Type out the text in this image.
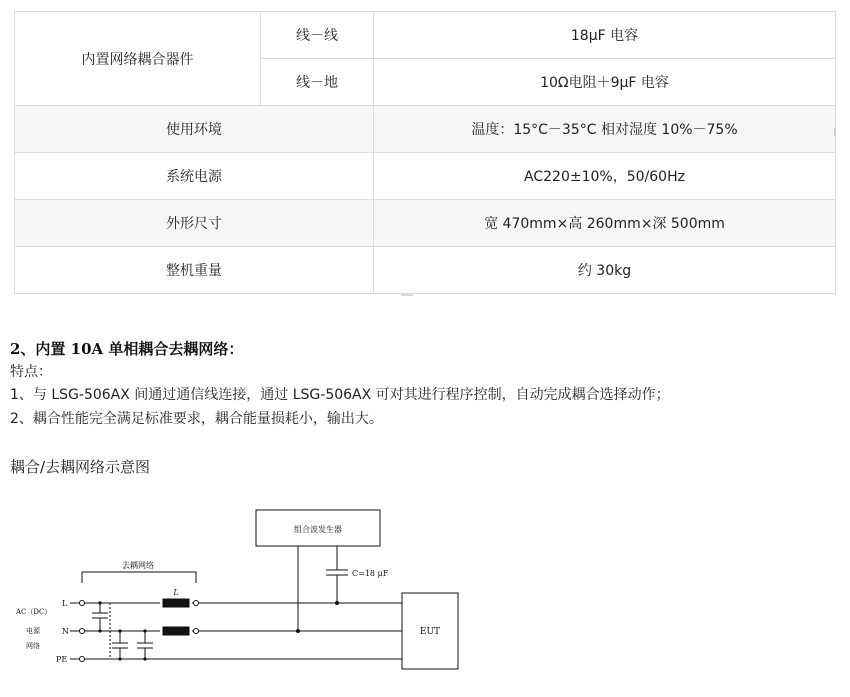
内置网络耦合器件	线－线	18μF 电容
	线－地	10Ω电阻＋9μF 电容
使用环境		温度：15°C－35°C 相对湿度 10%－75%
系统电源		AC220±10%，50/60Hz
外形尺寸		宽 470mm×高 260mm×深 500mm
整机重量		约 30kg

2、内置 10A 单相耦合去耦网络：

特点：

1、与 LSG-506AX 间通过通信线连接，通过 LSG-506AX 可对其进行程序控制，自动完成耦合选择动作；

2、耦合性能完全满足标准要求，耦合能量损耗小，输出大。

耦合/去耦网络示意图

组合波发生器
去耦网络
C=18 μF
L
EUT
L
N
PE
AC（DC）
电源
网络
